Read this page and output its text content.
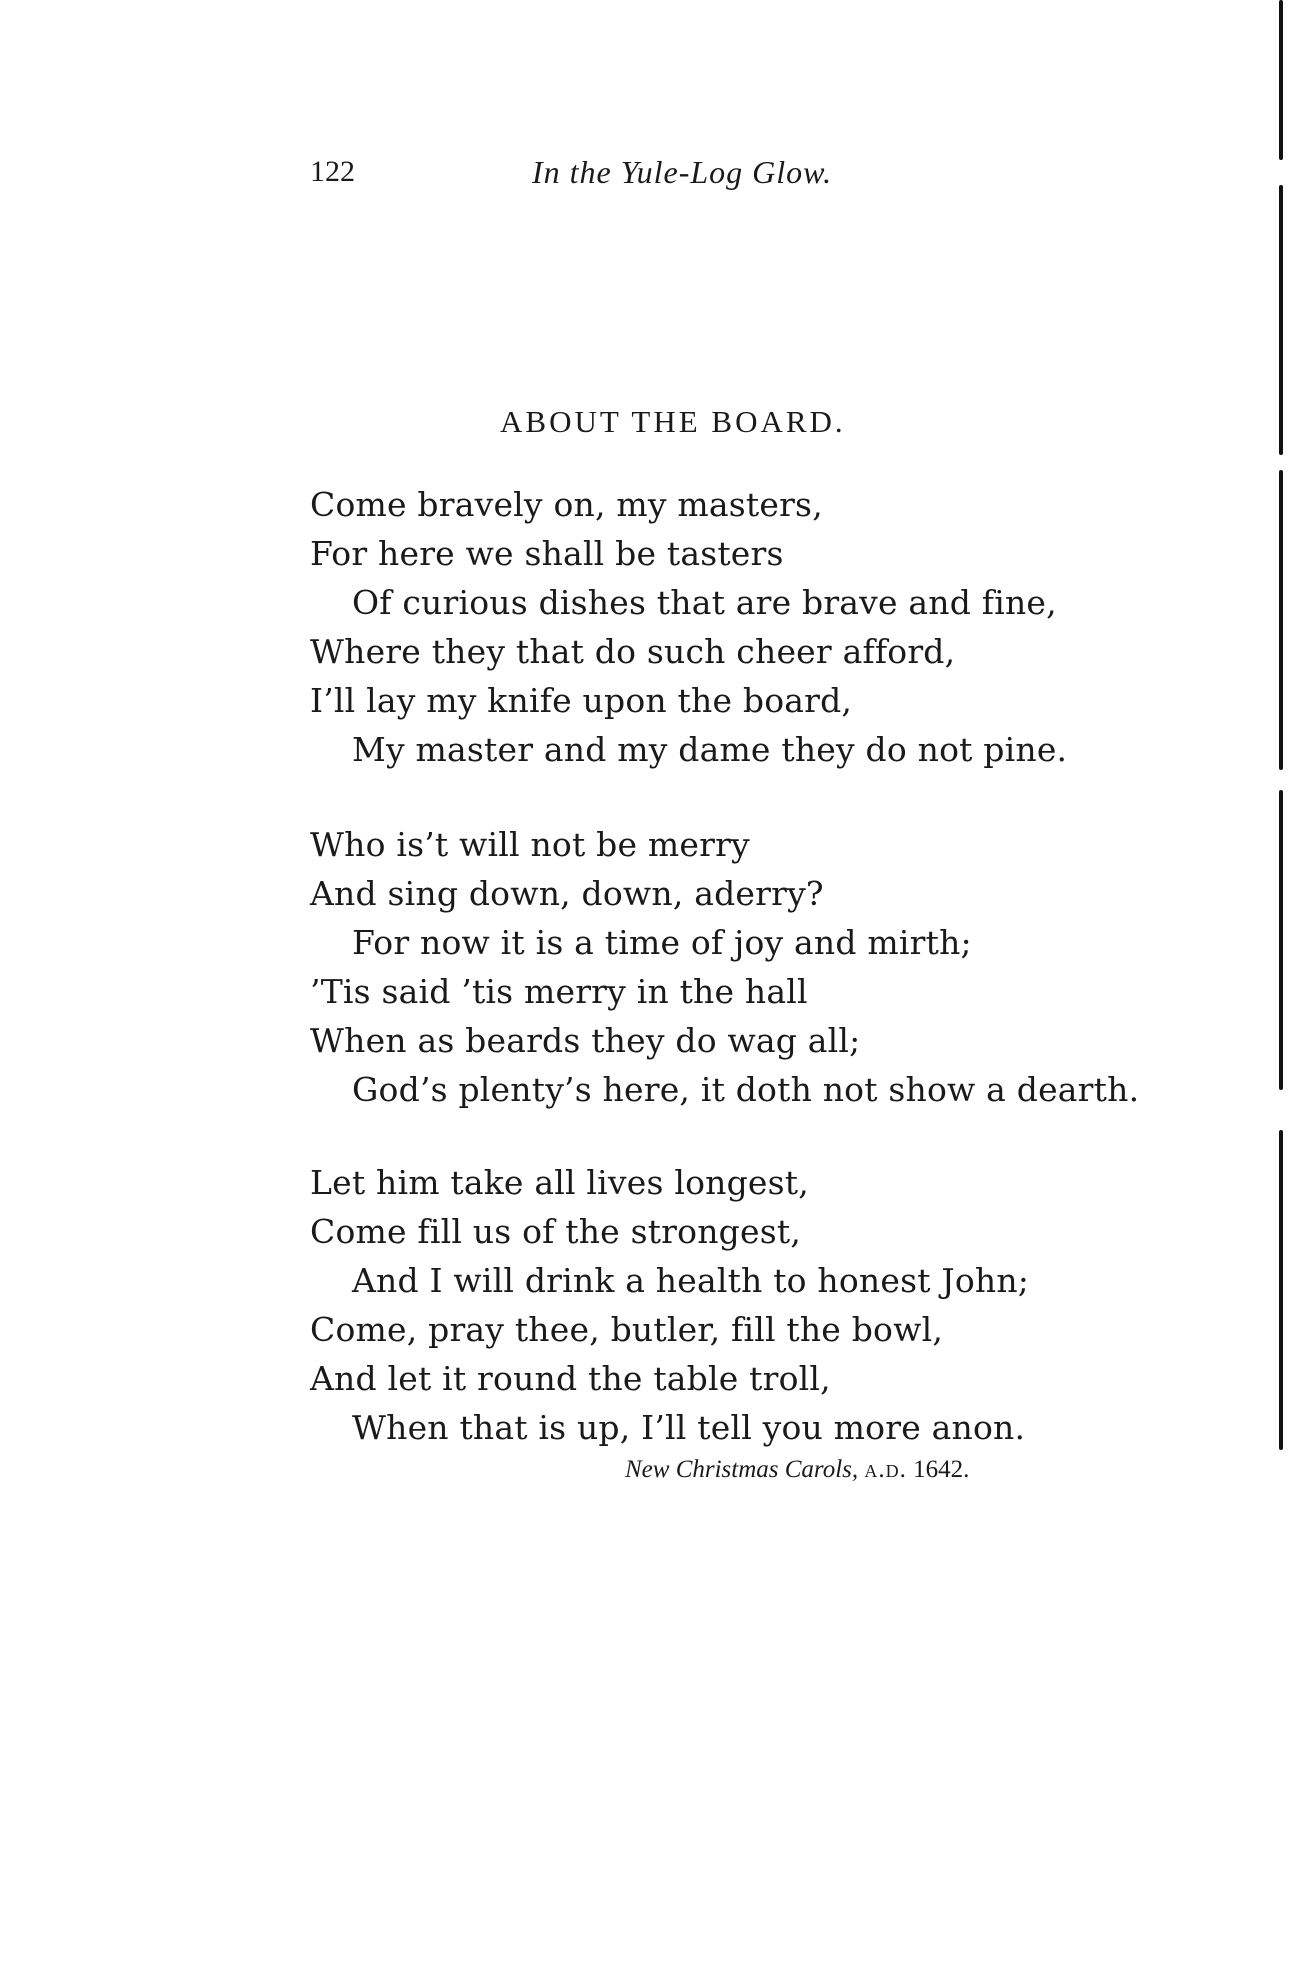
122	In the Yule-Log Glow.
ABOUT THE BOARD.
Come bravely on, my masters,
For here we shall be tasters
Of curious dishes that are brave and fine,
Where they that do such cheer afford,
I’ll lay my knife upon the board,
My master and my dame they do not pine.
Who is’t will not be merry
And sing down, down, aderry?
For now it is a time of joy and mirth;
’Tis said ’tis merry in the hall
When as beards they do wag all;
God’s plenty’s here, it doth not show a dearth.
Let him take all lives longest,
Come fill us of the strongest,
And I will drink a health to honest John;
Come, pray thee, butler, fill the bowl,
And let it round the table troll,
When that is up, I’ll tell you more anon.
New Christmas Carols, a.d. 1642.
